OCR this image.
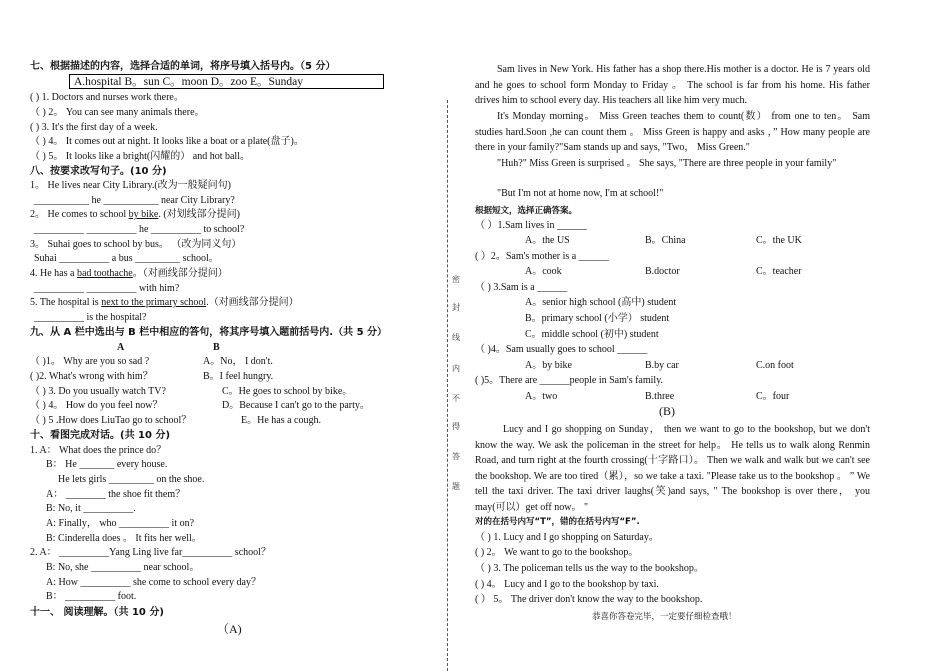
七、根据描述的内容，选择合适的单词，将序号填入括号内。（5 分）
A.hospital B。sun C。moon D。zoo E。Sunday
( ) 1. Doctors and nurses work there。
（ ) 2。 You can see many animals there。
( ) 3. It's the first day of a week.
（ ) 4。 It comes out at night. It looks like a boat or a plate(盘子)。
（ ) 5。 It looks like a bright(闪耀的） and hot ball。
八、按要求改写句子。(10 分)
1。 He lives near City Library.(改为一般疑问句)
___________ he ___________ near City Library?
2。 He comes to school by bike. (对划线部分提问)
__________ __________ he __________ to school?
3。 Suhai goes to school by bus。 （改为同义句）
Suhai __________ a bus _________ school。
4. He has a bad toothache。（对画线部分提问）
__________ __________ with him?
5. The hospital is next to the primary school.（对画线部分提问）
__________ is the hospital?
九、从 A 栏中选出与 B 栏中相应的答句，将其序号填入题前括号内.（共 5 分）
A	B
（ )1。 Why are you so sad ?	A。No， I don't.
( )2. What's wrong with him？	B。I feel hungry.
（ ) 3. Do you usually watch TV?	C。He goes to school by bike。
（ ) 4。 How do you feel now？	D。Because I can't go to the party。
（ ) 5 .How does LiuTao go to school？	E。He has a cough.
十、看图完成对话。(共 10 分)
1. A： What does the prince do？
B： He _______ every house.
He lets girls _________ on the shoe.
A： ________ the shoe fit them？
B: No, it __________.
A: Finally， who __________ it on?
B: Cinderella does 。 It fits her well。
2. A： __________Yang Ling live far__________ school？
B: No, she __________ near school。
A: How __________ she come to school every day？
B： __________ foot.
十一、 阅读理解。（共 10 分)
（A)
密
封
线
内
不
得
答
题
Sam lives in New York. His father has a shop there.His mother is a doctor. He is 7 years old and he goes to school form Monday to Friday 。 The school is far from his home. His father drives him to school every day. His teachers all like him very much.
It's Monday morning。 Miss Green teaches them to count(数） from one to ten。 Sam studies hard.Soon ,he can count them 。 Miss Green is happy and asks ，” How many people are there in your family?"Sam stands up and says, "Two， Miss Green."
"Huh?" Miss Green is surprised 。 She says, "There are three people in your family"
"But I'm not at home now, I'm at school!"
根据短文，选择正确答案。
（ ）1.Sam lives in ______
A。the US	B。China	C。the UK
( ）2。Sam's mother is a ______
A。cook	B.doctor	C。teacher
（ ) 3.Sam is a ______
A。senior high school (高中) student
B。primary school (小学） student
C。middle school (初中) student
（ )4。Sam usually goes to school ______
A。by bike	B.by car	C.on foot
( )5。There are ______people in Sam's family.
A。two	B.three	C。four
(B)
Lucy and I go shopping on Sunday， then we want to go to the bookshop, but we don't know the way. We ask the policeman in the street for help。 He tells us to walk along Renmin Road, and turn right at the fourth crossing(十字路口）。 Then we walk and walk but we can't see the bookshop. We are too tired（累），so we take a taxi. "Please take us to the bookshop 。 ” We tell the taxi driver. The taxi driver laughs(笑)and says, " The bookshop is over there， you may(可以）get off now。 "
对的在括号内写“T”，错的在括号内写“F”.
（ ) 1. Lucy and I go shopping on Saturday。
( ) 2。 We want to go to the bookshop。
（ ) 3. The policeman tells us the way to the bookshop。
( ) 4。 Lucy and I go to the bookshop by taxi.
( ） 5。 The driver don't know the way to the bookshop.
恭喜你答卷完毕，一定要仔细检查哦！
